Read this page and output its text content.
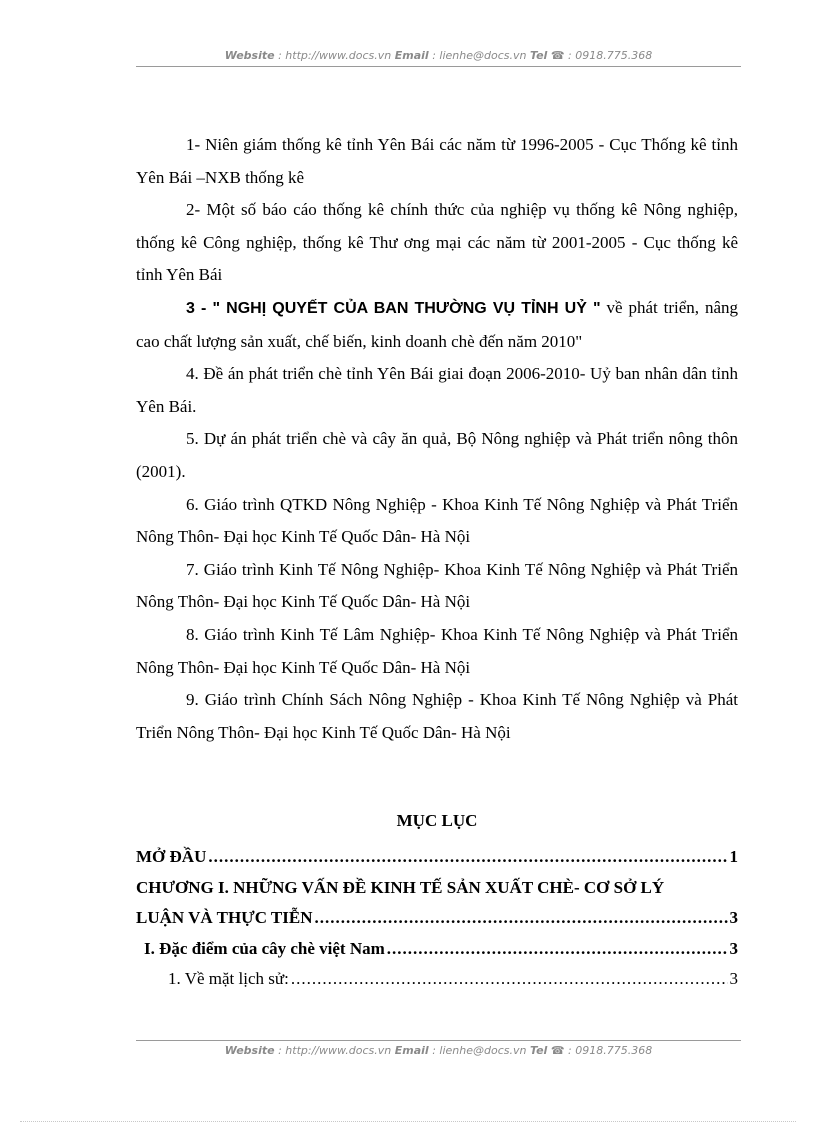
Website : http://www.docs.vn Email : lienhe@docs.vn Tel ☎ : 0918.775.368

1- Niên giám thống kê tỉnh Yên Bái các năm từ 1996-2005 - Cục Thống kê tỉnh Yên Bái –NXB thống kê

2- Một số báo cáo thống kê chính thức của nghiệp vụ thống kê Nông nghiệp, thống kê Công nghiệp, thống kê Thư ơng mại các năm từ 2001-2005 - Cục thống kê tỉnh Yên Bái

3 - " NGHỊ QUYẾT CỦA BAN THƯỜNG VỤ TỈNH UỶ " về phát triển, nâng cao chất lượng sản xuất, chế biến, kinh doanh chè đến năm 2010"

4. Đề án phát triển chè tỉnh Yên Bái giai đoạn 2006-2010- Uỷ ban nhân dân tỉnh Yên Bái.

5. Dự án phát triển chè và cây ăn quả, Bộ Nông nghiệp và Phát triển nông thôn (2001).

6. Giáo trình QTKD Nông Nghiệp - Khoa Kinh Tế Nông Nghiệp và Phát Triển Nông Thôn- Đại học Kinh Tế Quốc Dân- Hà Nội

7. Giáo trình Kinh Tế Nông Nghiệp- Khoa Kinh Tế Nông Nghiệp và Phát Triển Nông Thôn- Đại học Kinh Tế Quốc Dân- Hà Nội

8. Giáo trình Kinh Tế Lâm Nghiệp- Khoa Kinh Tế Nông Nghiệp và Phát Triển Nông Thôn- Đại học Kinh Tế Quốc Dân- Hà Nội

9. Giáo trình Chính Sách Nông Nghiệp - Khoa Kinh Tế Nông Nghiệp và Phát Triển Nông Thôn- Đại học Kinh Tế Quốc Dân- Hà Nội

MỤC LỤC
MỞ ĐẦU .....	1
CHƯƠNG I. NHỮNG VẤN ĐỀ KINH TẾ SẢN XUẤT CHÈ- CƠ SỞ LÝ
LUẬN VÀ THỰC TIỄN .....	3
I. Đặc điểm của cây chè việt Nam .....	3
1. Về mặt lịch sử: .....	3
Website : http://www.docs.vn Email : lienhe@docs.vn Tel ☎ : 0918.775.368
